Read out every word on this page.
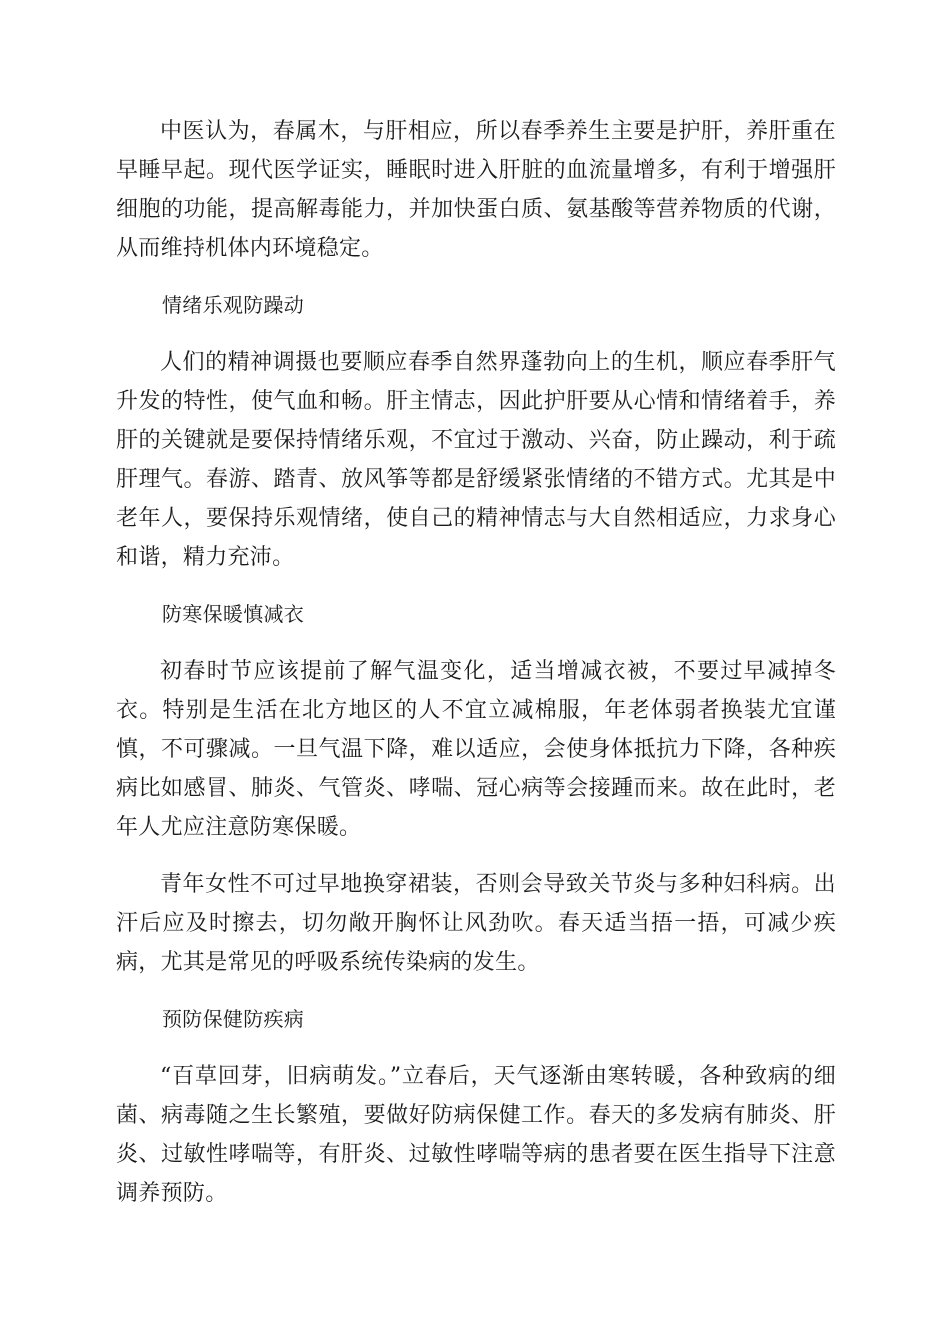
中医认为，春属木，与肝相应，所以春季养生主要是护肝，养肝重在早睡早起。现代医学证实，睡眠时进入肝脏的血流量增多，有利于增强肝细胞的功能，提高解毒能力，并加快蛋白质、氨基酸等营养物质的代谢，从而维持机体内环境稳定。

情绪乐观防躁动

人们的精神调摄也要顺应春季自然界蓬勃向上的生机，顺应春季肝气升发的特性，使气血和畅。肝主情志，因此护肝要从心情和情绪着手，养肝的关键就是要保持情绪乐观，不宜过于激动、兴奋，防止躁动，利于疏肝理气。春游、踏青、放风筝等都是舒缓紧张情绪的不错方式。尤其是中老年人，要保持乐观情绪，使自己的精神情志与大自然相适应，力求身心和谐，精力充沛。

防寒保暖慎减衣

初春时节应该提前了解气温变化，适当增减衣被，不要过早减掉冬衣。特别是生活在北方地区的人不宜立减棉服，年老体弱者换装尤宜谨慎，不可骤减。一旦气温下降，难以适应，会使身体抵抗力下降，各种疾病比如感冒、肺炎、气管炎、哮喘、冠心病等会接踵而来。故在此时，老年人尤应注意防寒保暖。

青年女性不可过早地换穿裙装，否则会导致关节炎与多种妇科病。出汗后应及时擦去，切勿敞开胸怀让风劲吹。春天适当捂一捂，可减少疾病，尤其是常见的呼吸系统传染病的发生。

预防保健防疾病

“百草回芽，旧病萌发。”立春后，天气逐渐由寒转暖，各种致病的细菌、病毒随之生长繁殖，要做好防病保健工作。春天的多发病有肺炎、肝炎、过敏性哮喘等，有肝炎、过敏性哮喘等病的患者要在医生指导下注意调养预防。
